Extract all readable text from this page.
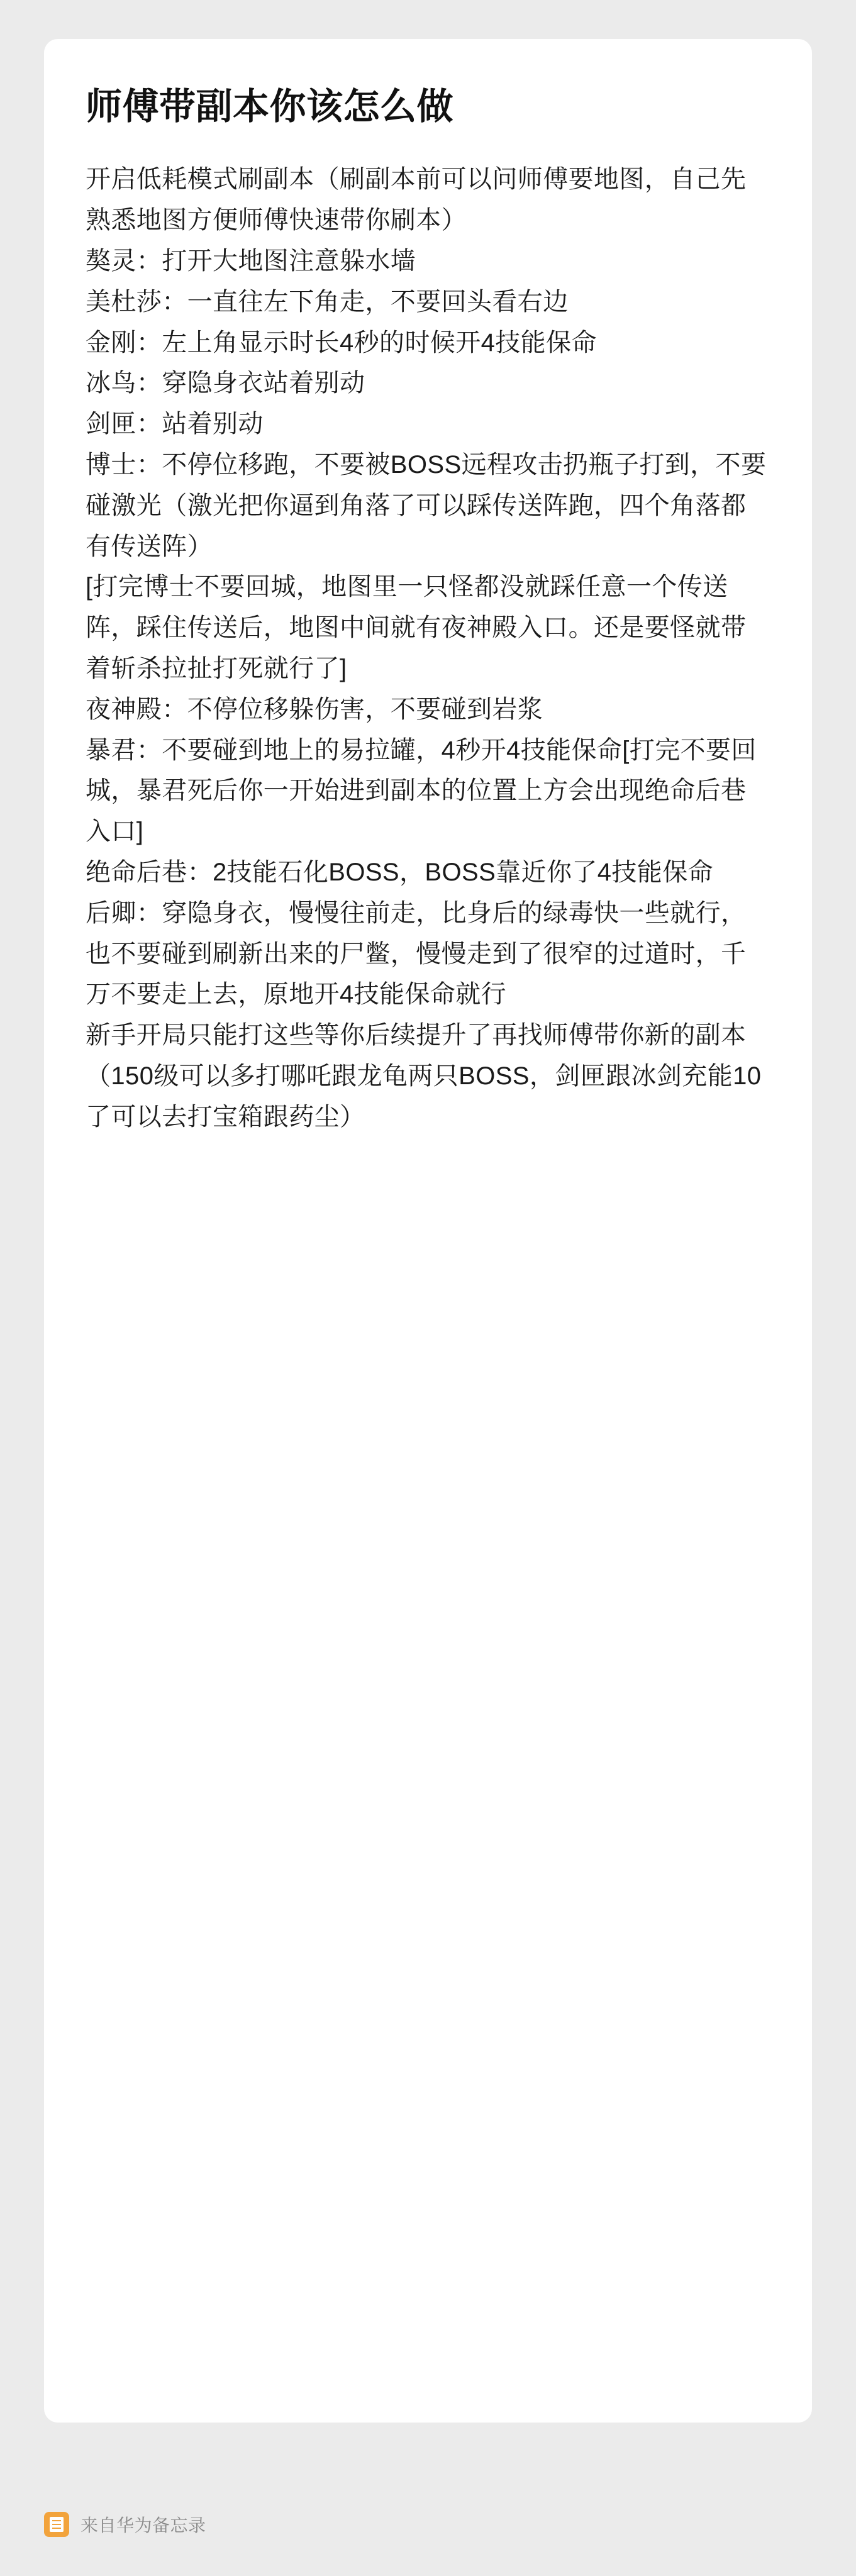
师傅带副本你该怎么做

开启低耗模式刷副本（刷副本前可以问师傅要地图，自己先熟悉地图方便师傅快速带你刷本）

獒灵：打开大地图注意躲水墙

美杜莎：一直往左下角走，不要回头看右边

金刚：左上角显示时长4秒的时候开4技能保命

冰鸟：穿隐身衣站着别动

剑匣：站着别动

博士：不停位移跑，不要被BOSS远程攻击扔瓶子打到，不要碰激光（激光把你逼到角落了可以踩传送阵跑，四个角落都有传送阵）

[打完博士不要回城，地图里一只怪都没就踩任意一个传送阵，踩住传送后，地图中间就有夜神殿入口。还是要怪就带着斩杀拉扯打死就行了]

夜神殿：不停位移躲伤害，不要碰到岩浆

暴君：不要碰到地上的易拉罐，4秒开4技能保命[打完不要回城，暴君死后你一开始进到副本的位置上方会出现绝命后巷入口]

绝命后巷：2技能石化BOSS，BOSS靠近你了4技能保命

后卿：穿隐身衣，慢慢往前走，比身后的绿毒快一些就行，也不要碰到刷新出来的尸鳖，慢慢走到了很窄的过道时，千万不要走上去，原地开4技能保命就行

新手开局只能打这些等你后续提升了再找师傅带你新的副本（150级可以多打哪吒跟龙龟两只BOSS，剑匣跟冰剑充能10了可以去打宝箱跟药尘）

来自华为备忘录
